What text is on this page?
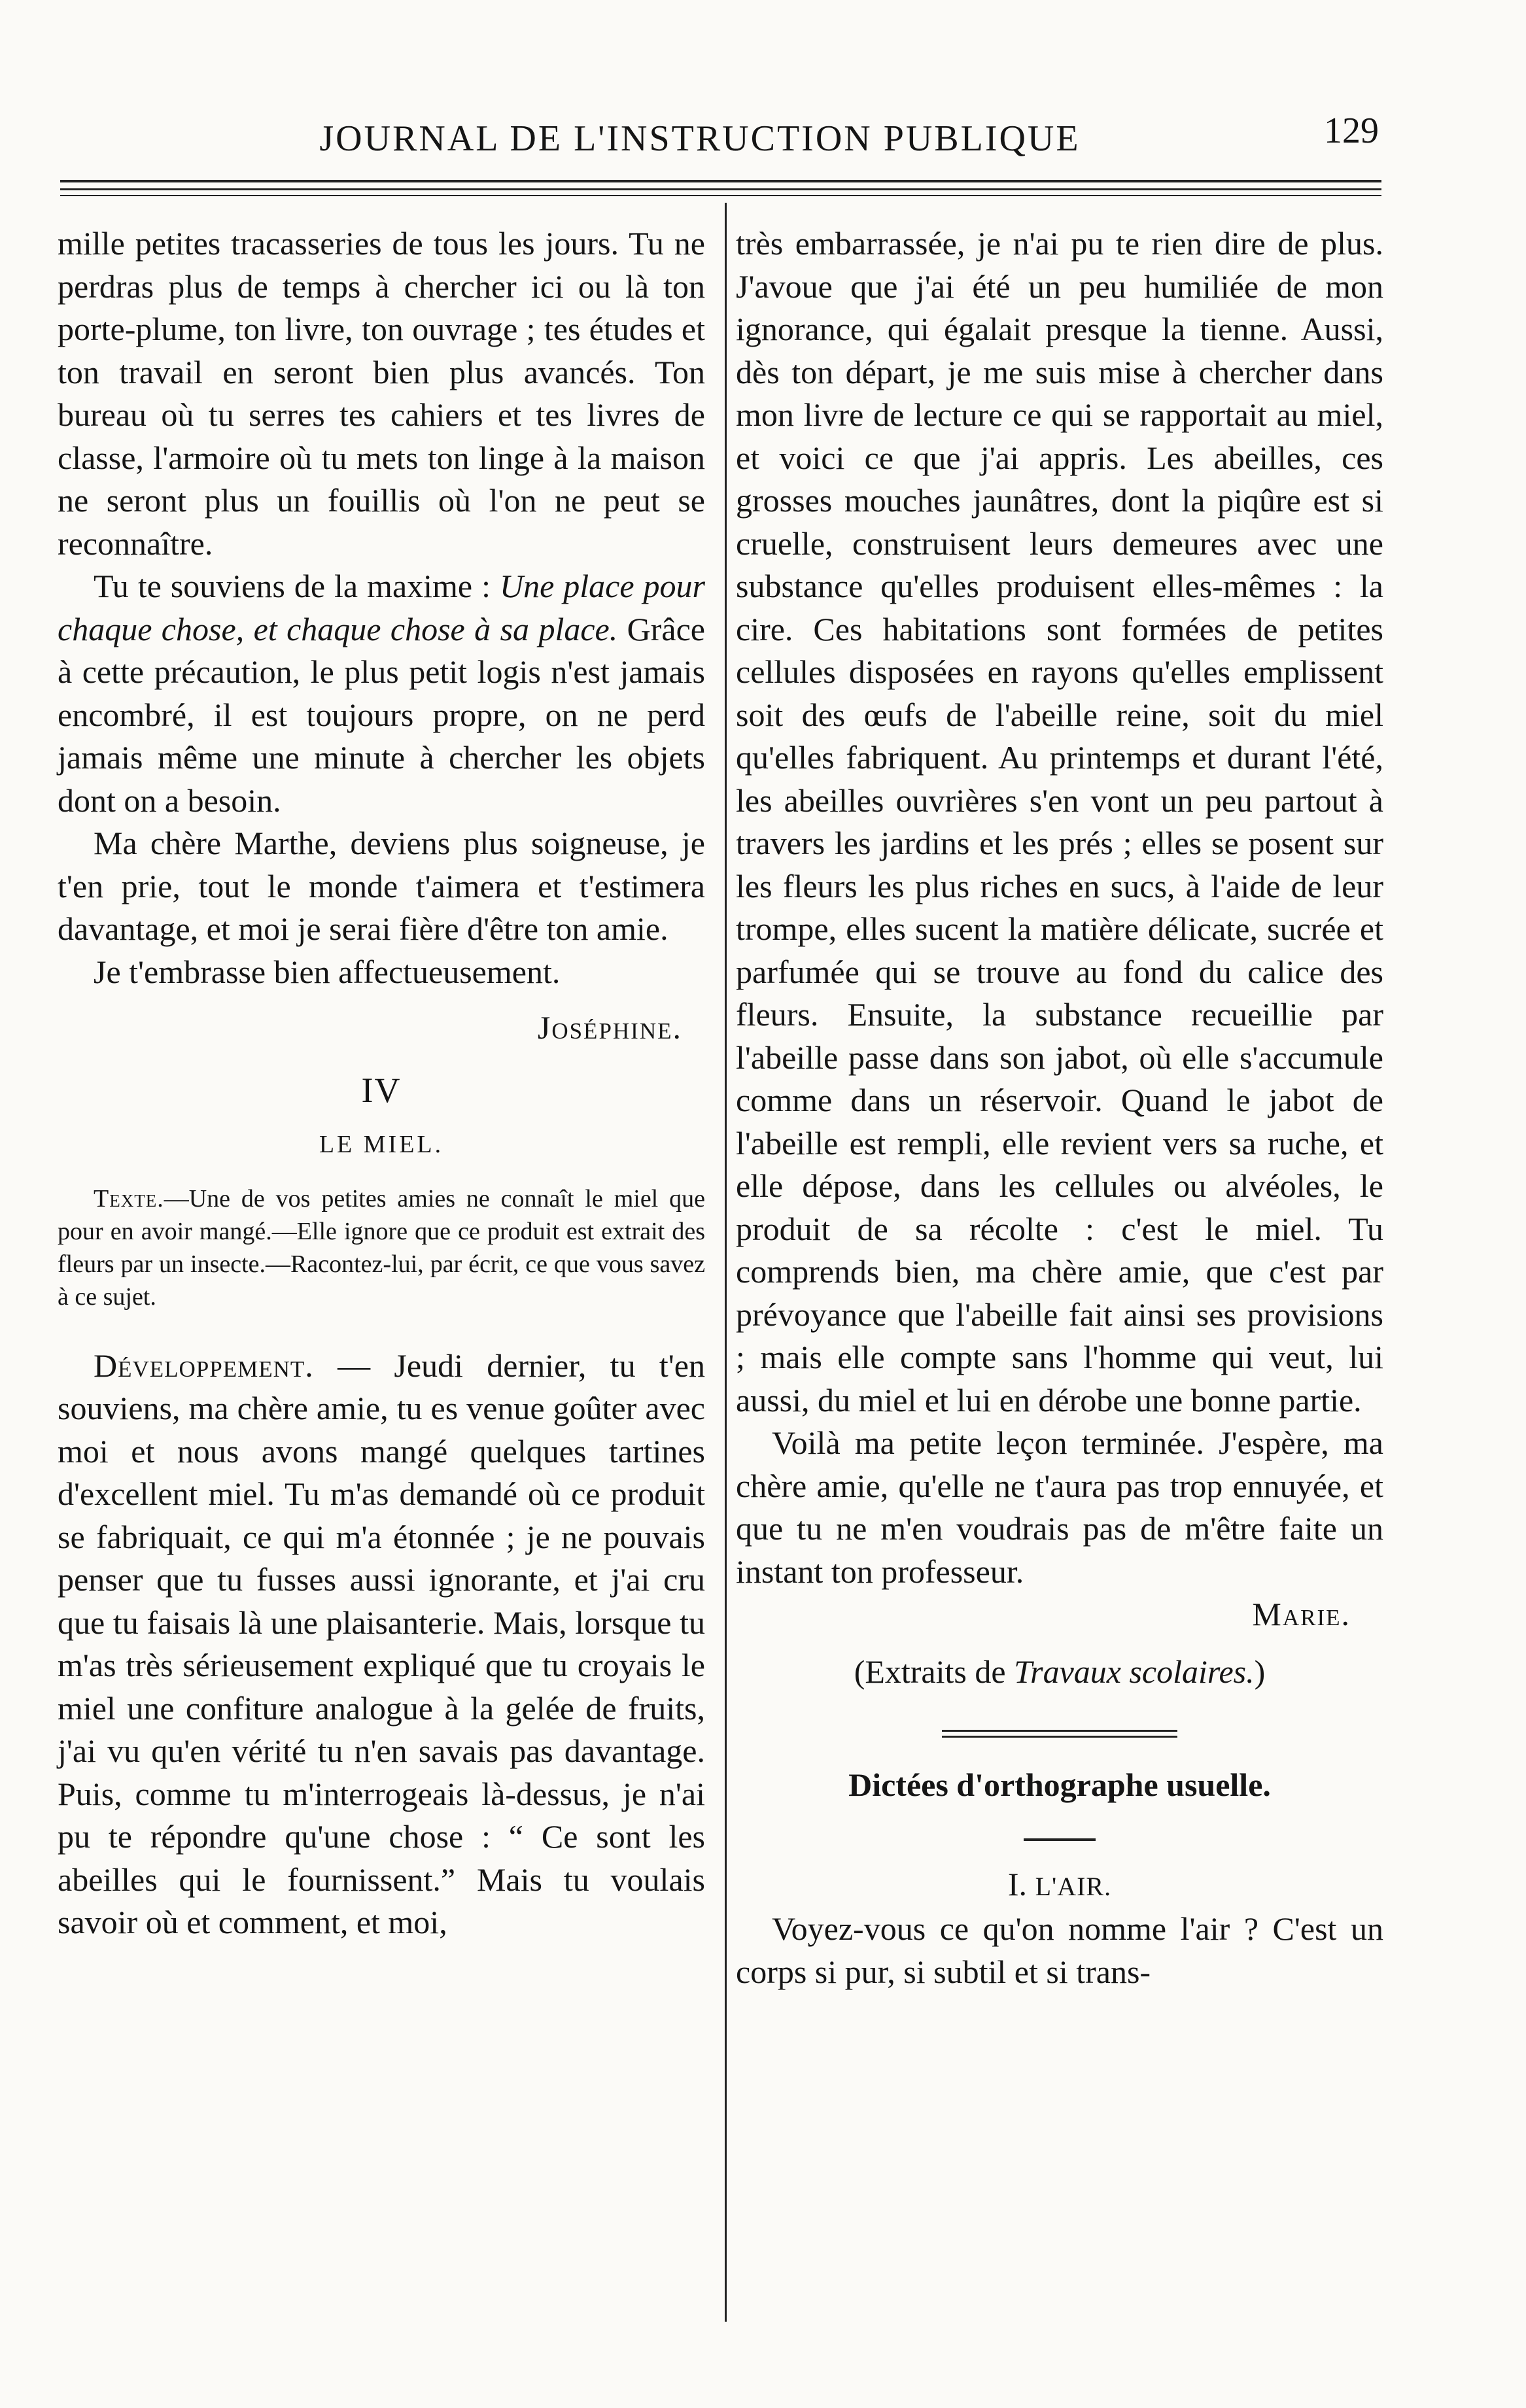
JOURNAL DE L'INSTRUCTION PUBLIQUE	129

mille petites tracasseries de tous les jours. Tu ne perdras plus de temps à chercher ici ou là ton porte-plume, ton livre, ton ouvrage ; tes études et ton travail en seront bien plus avancés. Ton bureau où tu serres tes cahiers et tes livres de classe, l'armoire où tu mets ton linge à la maison ne seront plus un fouillis où l'on ne peut se reconnaître.

Tu te souviens de la maxime : Une place pour chaque chose, et chaque chose à sa place. Grâce à cette précaution, le plus petit logis n'est jamais encombré, il est toujours propre, on ne perd jamais même une minute à chercher les objets dont on a besoin.

Ma chère Marthe, deviens plus soigneuse, je t'en prie, tout le monde t'aimera et t'estimera davantage, et moi je serai fière d'être ton amie.

Je t'embrasse bien affectueusement.

Joséphine.

IV

LE MIEL.

Texte.—Une de vos petites amies ne connaît le miel que pour en avoir mangé.—Elle ignore que ce produit est extrait des fleurs par un insecte.—Racontez-lui, par écrit, ce que vous savez à ce sujet.

Développement. — Jeudi dernier, tu t'en souviens, ma chère amie, tu es venue goûter avec moi et nous avons mangé quelques tartines d'excellent miel. Tu m'as demandé où ce produit se fabriquait, ce qui m'a étonnée ; je ne pouvais penser que tu fusses aussi ignorante, et j'ai cru que tu faisais là une plaisanterie. Mais, lorsque tu m'as très sérieusement expliqué que tu croyais le miel une confiture analogue à la gelée de fruits, j'ai vu qu'en vérité tu n'en savais pas davantage. Puis, comme tu m'interrogeais là-dessus, je n'ai pu te répondre qu'une chose : “ Ce sont les abeilles qui le fournissent.” Mais tu voulais savoir où et comment, et moi,

très embarrassée, je n'ai pu te rien dire de plus. J'avoue que j'ai été un peu humiliée de mon ignorance, qui égalait presque la tienne. Aussi, dès ton départ, je me suis mise à chercher dans mon livre de lecture ce qui se rapportait au miel, et voici ce que j'ai appris. Les abeilles, ces grosses mouches jaunâtres, dont la piqûre est si cruelle, construisent leurs demeures avec une substance qu'elles produisent elles-mêmes : la cire. Ces habitations sont formées de petites cellules disposées en rayons qu'elles emplissent soit des œufs de l'abeille reine, soit du miel qu'elles fabriquent. Au printemps et durant l'été, les abeilles ouvrières s'en vont un peu partout à travers les jardins et les prés ; elles se posent sur les fleurs les plus riches en sucs, à l'aide de leur trompe, elles sucent la matière délicate, sucrée et parfumée qui se trouve au fond du calice des fleurs. Ensuite, la substance recueillie par l'abeille passe dans son jabot, où elle s'accumule comme dans un réservoir. Quand le jabot de l'abeille est rempli, elle revient vers sa ruche, et elle dépose, dans les cellules ou alvéoles, le produit de sa récolte : c'est le miel. Tu comprends bien, ma chère amie, que c'est par prévoyance que l'abeille fait ainsi ses provisions ; mais elle compte sans l'homme qui veut, lui aussi, du miel et lui en dérobe une bonne partie.

Voilà ma petite leçon terminée. J'espère, ma chère amie, qu'elle ne t'aura pas trop ennuyée, et que tu ne m'en voudrais pas de m'être faite un instant ton professeur.

Marie.

(Extraits de Travaux scolaires.)

Dictées d'orthographe usuelle.

I. L'AIR.

Voyez-vous ce qu'on nomme l'air ? C'est un corps si pur, si subtil et si trans-
